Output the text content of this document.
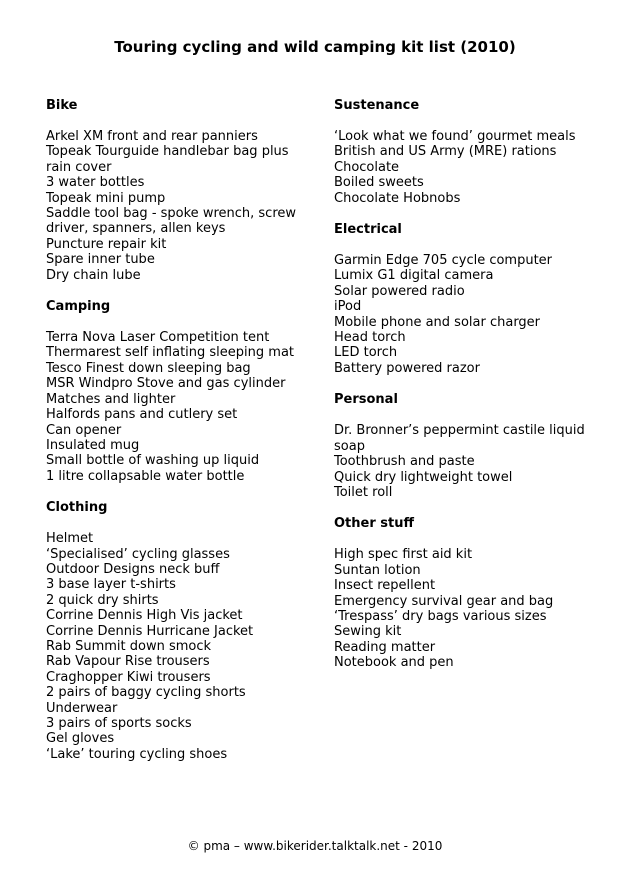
Touring cycling and wild camping kit list (2010)
Bike
Arkel XM front and rear panniers
Topeak Tourguide handlebar bag plus rain cover
3 water bottles
Topeak mini pump
Saddle tool bag - spoke wrench, screw driver, spanners, allen keys
Puncture repair kit
Spare inner tube
Dry chain lube
Camping
Terra Nova Laser Competition tent
Thermarest self inflating sleeping mat
Tesco Finest down sleeping bag
MSR Windpro Stove and gas cylinder
Matches and lighter
Halfords pans and cutlery set
Can opener
Insulated mug
Small bottle of washing up liquid
1 litre collapsable water bottle
Clothing
Helmet
‘Specialised’ cycling glasses
Outdoor Designs neck buff
3 base layer t-shirts
2 quick dry shirts
Corrine Dennis High Vis jacket
Corrine Dennis Hurricane Jacket
Rab Summit down smock
Rab Vapour Rise trousers
Craghopper Kiwi trousers
2 pairs of baggy cycling shorts
Underwear
3 pairs of sports socks
Gel gloves
‘Lake’ touring cycling shoes
Sustenance
‘Look what we found’ gourmet meals
British and US Army (MRE) rations
Chocolate
Boiled sweets
Chocolate Hobnobs
Electrical
Garmin Edge 705 cycle computer
Lumix G1 digital camera
Solar powered radio
iPod
Mobile phone and solar charger
Head torch
LED torch
Battery powered razor
Personal
Dr. Bronner’s peppermint castile liquid soap
Toothbrush and paste
Quick dry lightweight towel
Toilet roll
Other stuff
High spec first aid kit
Suntan lotion
Insect repellent
Emergency survival gear and bag
‘Trespass’ dry bags various sizes
Sewing kit
Reading matter
Notebook and pen
© pma – www.bikerider.talktalk.net - 2010
